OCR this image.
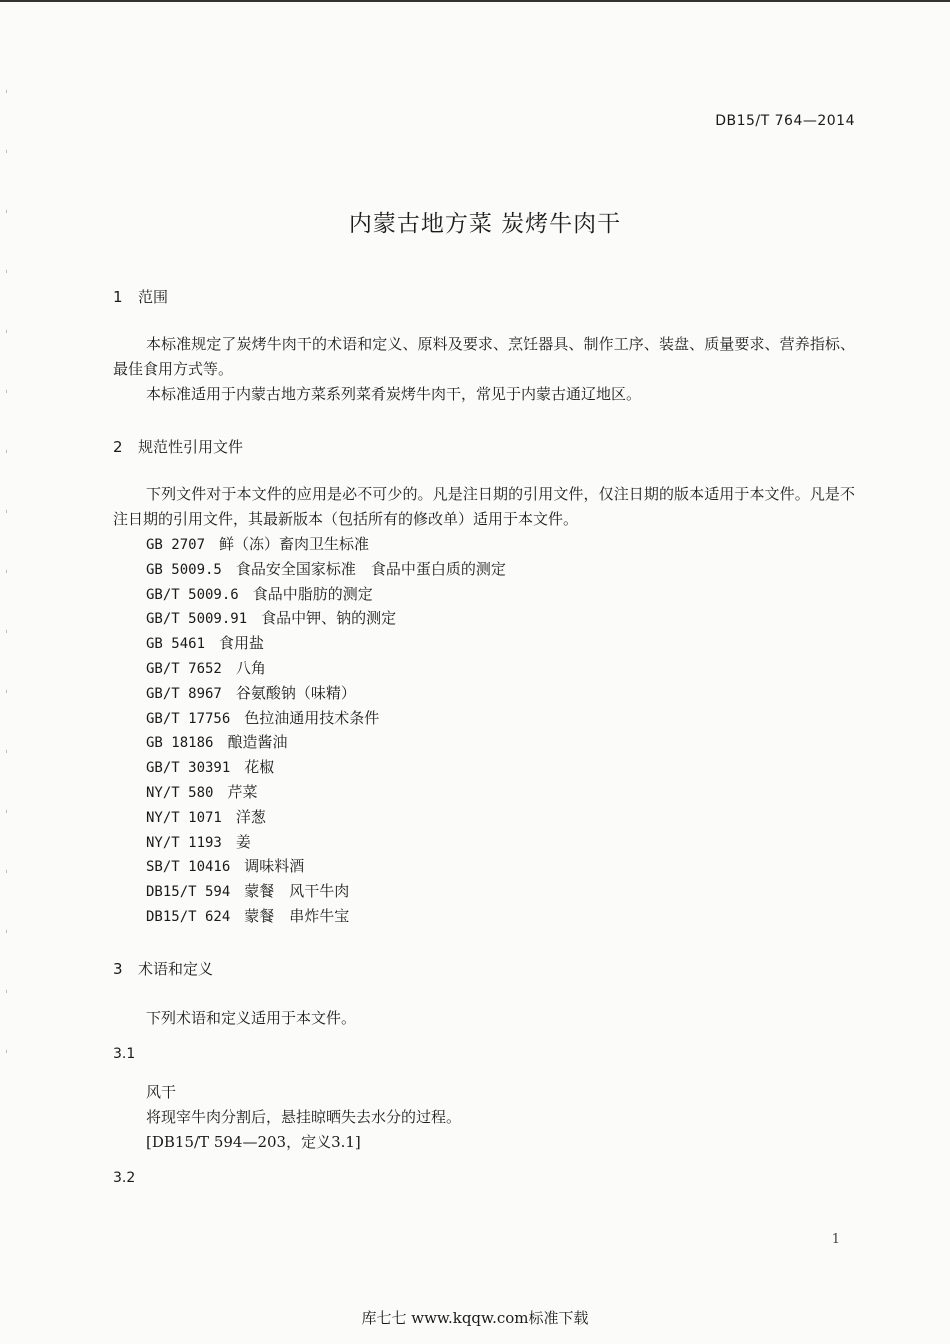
DB15/T 764—2014
内蒙古地方菜 炭烤牛肉干
1 范围
本标准规定了炭烤牛肉干的术语和定义、原料及要求、烹饪器具、制作工序、装盘、质量要求、营养指标、最佳食用方式等。
本标准适用于内蒙古地方菜系列菜肴炭烤牛肉干，常见于内蒙古通辽地区。
2 规范性引用文件
下列文件对于本文件的应用是必不可少的。凡是注日期的引用文件，仅注日期的版本适用于本文件。凡是不注日期的引用文件，其最新版本（包括所有的修改单）适用于本文件。
GB 2707 鲜（冻）畜肉卫生标准
GB 5009.5 食品安全国家标准　食品中蛋白质的测定
GB/T 5009.6 食品中脂肪的测定
GB/T 5009.91 食品中钾、钠的测定
GB 5461 食用盐
GB/T 7652 八角
GB/T 8967 谷氨酸钠（味精）
GB/T 17756 色拉油通用技术条件
GB 18186 酿造酱油
GB/T 30391 花椒
NY/T 580 芹菜
NY/T 1071 洋葱
NY/T 1193 姜
SB/T 10416 调味料酒
DB15/T 594 蒙餐　风干牛肉
DB15/T 624 蒙餐　串炸牛宝
3 术语和定义
下列术语和定义适用于本文件。
3.1
风干
将现宰牛肉分割后，悬挂晾晒失去水分的过程。
[DB15/T 594—203，定义3.1]
3.2
1
库七七 www.kqqw.com标准下载
